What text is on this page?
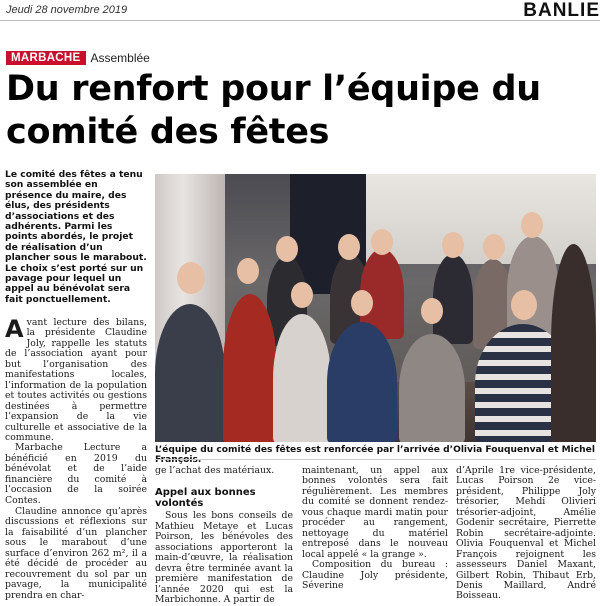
Jeudi 28 novembre 2019	BANLIE
MARBACHE Assemblée
Du renfort pour l’équipe du comité des fêtes

Le comité des fêtes a tenu son assemblée en présence du maire, des élus, des présidents d’associations et des adhérents. Parmi les points abordés, le projet de réalisation d’un plancher sous le marabout. Le choix s’est porté sur un pavage pour lequel un appel au bénévolat sera fait ponctuellement.

Avant lecture des bilans, la présidente Claudine Joly, rappelle les statuts de l’association ayant pour but l’organisation des manifestations locales, l’information de la population et toutes activités ou gestions destinées à permettre l’expansion de la vie culturelle et associative de la commune.

Marbache Lecture a bénéficié en 2019 du bénévolat et de l’aide financière du comité à l’occasion de la soirée Contes.

Claudine annonce qu’après discussions et réflexions sur la faisabilité d’un plancher sous le marabout d’une surface d’environ 262 m², il a été décidé de procéder au recouvrement du sol par un pavage, la municipalité prendra en char-

L’équipe du comité des fêtes est renforcée par l’arrivée d’Olivia Fouquenval et Michel François.

ge l’achat des matériaux.

Appel aux bonnes volontés

Sous les bons conseils de Mathieu Metaye et Lucas Poirson, les bénévoles des associations apporteront la main-d’œuvre, la réalisation devra être terminée avant la première manifestation de l’année 2020 qui est la Marbichonne. A partir de

maintenant, un appel aux bonnes volontés sera fait régulièrement. Les membres du comité se donnent rendez-vous chaque mardi matin pour procéder au rangement, nettoyage du matériel entreposé dans le nouveau local appelé « la grange ».

Composition du bureau : Claudine Joly présidente, Séverine

d’Aprile 1re vice-présidente, Lucas Poirson 2e vice-président, Philippe Joly trésorier, Mehdi Olivieri trésorier-adjoint, Amélie Godenir secrétaire, Pierrette Robin secrétaire-adjointe. Olivia Fouquenval et Michel François rejoignent les assesseurs Daniel Maxant, Gilbert Robin, Thibaut Erb, Denis Maillard, André Boisseau.
